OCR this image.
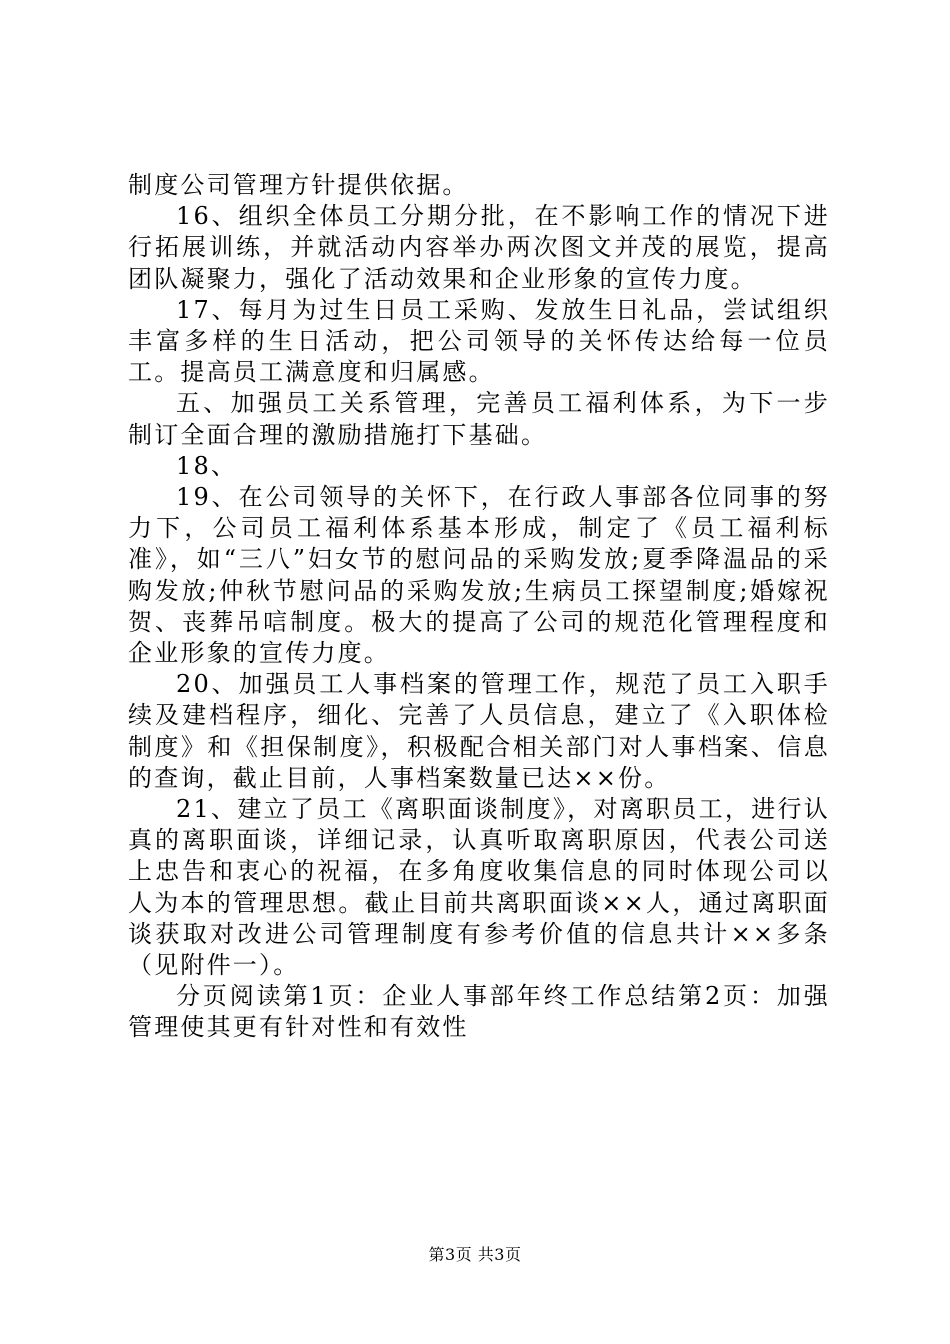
制度公司管理方针提供依据。

16、组织全体员工分期分批，在不影响工作的情况下进行拓展训练，并就活动内容举办两次图文并茂的展览，提高团队凝聚力，强化了活动效果和企业形象的宣传力度。

17、每月为过生日员工采购、发放生日礼品，尝试组织丰富多样的生日活动，把公司领导的关怀传达给每一位员工。提高员工满意度和归属感。

五、加强员工关系管理，完善员工福利体系，为下一步制订全面合理的激励措施打下基础。

18、

19、在公司领导的关怀下，在行政人事部各位同事的努力下，公司员工福利体系基本形成，制定了《员工福利标准》，如“三八”妇女节的慰问品的采购发放;夏季降温品的采购发放;仲秋节慰问品的采购发放;生病员工探望制度;婚嫁祝贺、丧葬吊唁制度。极大的提高了公司的规范化管理程度和企业形象的宣传力度。

20、加强员工人事档案的管理工作，规范了员工入职手续及建档程序，细化、完善了人员信息，建立了《入职体检制度》和《担保制度》，积极配合相关部门对人事档案、信息的查询，截止目前，人事档案数量已达××份。

21、建立了员工《离职面谈制度》，对离职员工，进行认真的离职面谈，详细记录，认真听取离职原因，代表公司送上忠告和衷心的祝福，在多角度收集信息的同时体现公司以人为本的管理思想。截止目前共离职面谈××人，通过离职面谈获取对改进公司管理制度有参考价值的信息共计××多条（见附件一）。

分页阅读第1页：企业人事部年终工作总结第2页：加强管理使其更有针对性和有效性

第3页 共3页
